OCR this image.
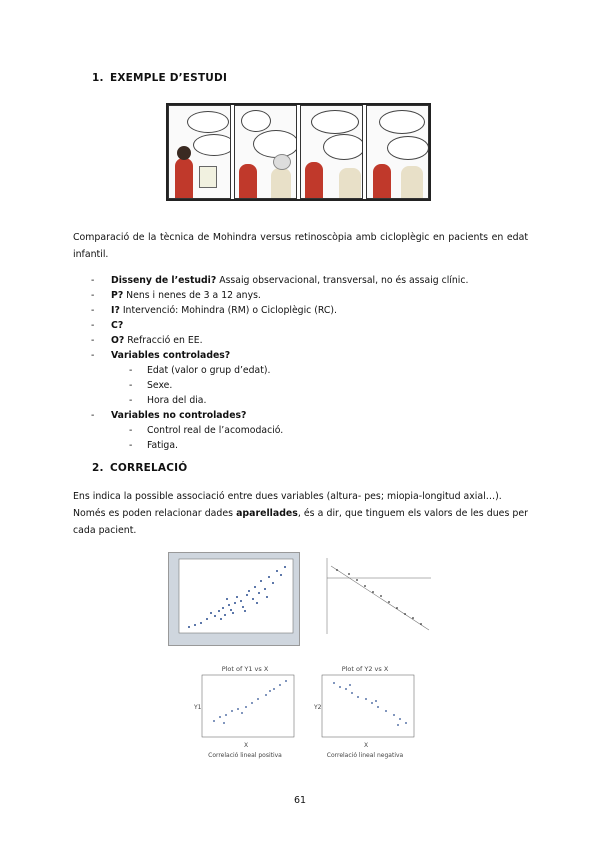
1. EXEMPLE D’ESTUDI

Comparació de la tècnica de Mohindra versus retinoscòpia amb cicloplègic en pacients en edat infantil.

- Disseny de l’estudi? Assaig observacional, transversal, no és assaig clínic.
- P? Nens i nenes de 3 a 12 anys.
- I? Intervenció: Mohindra (RM) o Cicloplègic (RC).
- C?
- O? Refracció en EE.
- Variables controlades?
- Edat (valor o grup d’edat).
- Sexe.
- Hora del dia.
- Variables no controlades?
- Control real de l’acomodació.
- Fatiga.
2. CORRELACIÓ

Ens indica la possible associació entre dues variables (altura- pes; miopia-longitud axial…).

Només es poden relacionar dades aparellades, és a dir, que tinguem els valors de les dues per cada pacient.

Plot of Y1 vs X
Y1
X
Correlació lineal positiva
Plot of Y2 vs X
Y2
X
Correlació lineal negativa
61
